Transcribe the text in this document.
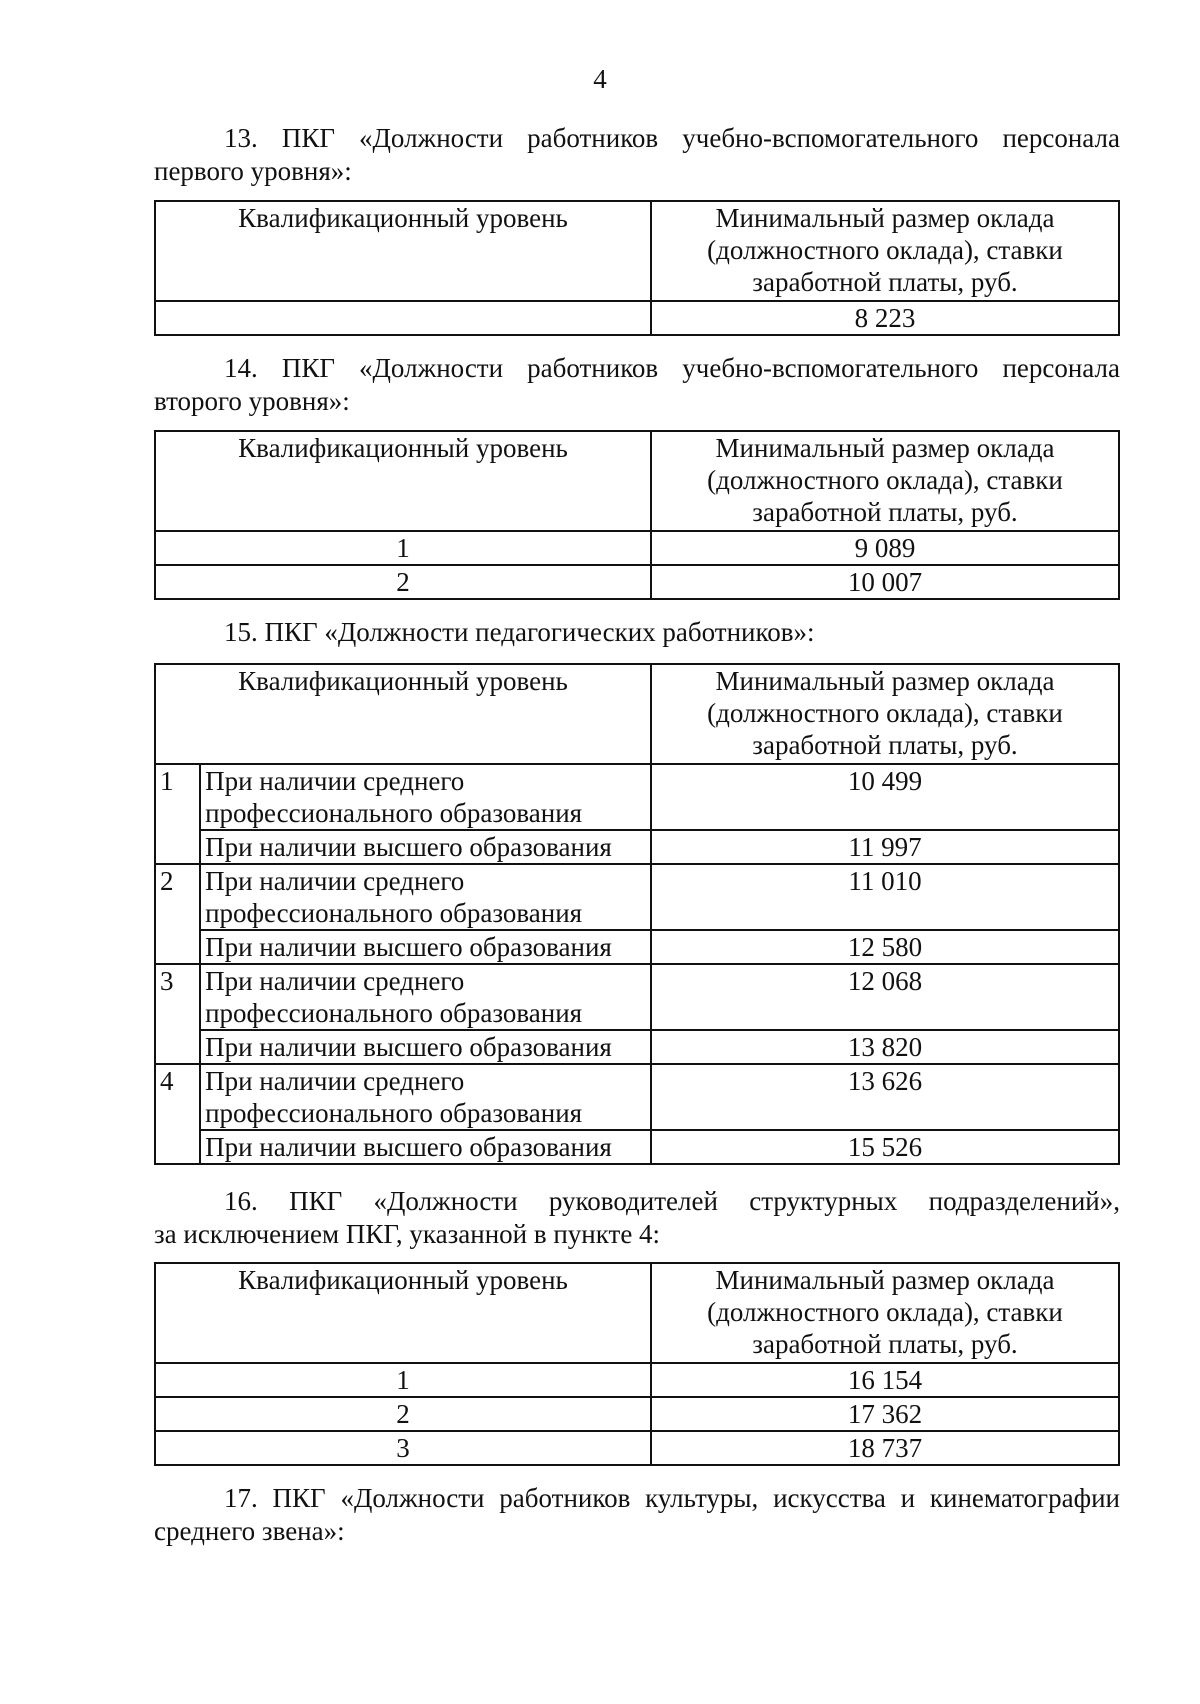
4
13. ПКГ «Должности работников учебно-вспомогательного персонала
первого уровня»:
Квалификационный уровень	Минимальный размер оклада (должностного оклада), ставки заработной платы, руб.
	8 223
14. ПКГ «Должности работников учебно-вспомогательного персонала
второго уровня»:
Квалификационный уровень	Минимальный размер оклада (должностного оклада), ставки заработной платы, руб.
1	9 089
2	10 007
15. ПКГ «Должности педагогических работников»:
Квалификационный уровень		Минимальный размер оклада (должностного оклада), ставки заработной платы, руб.
1	При наличии среднего профессионального образования	10 499
	При наличии высшего образования	11 997
2	При наличии среднего профессионального образования	11 010
	При наличии высшего образования	12 580
3	При наличии среднего профессионального образования	12 068
	При наличии высшего образования	13 820
4	При наличии среднего профессионального образования	13 626
	При наличии высшего образования	15 526
16. ПКГ «Должности руководителей структурных подразделений»,
за исключением ПКГ, указанной в пункте 4:
Квалификационный уровень	Минимальный размер оклада (должностного оклада), ставки заработной платы, руб.
1	16 154
2	17 362
3	18 737
17. ПКГ «Должности работников культуры, искусства и кинематографии
среднего звена»:
